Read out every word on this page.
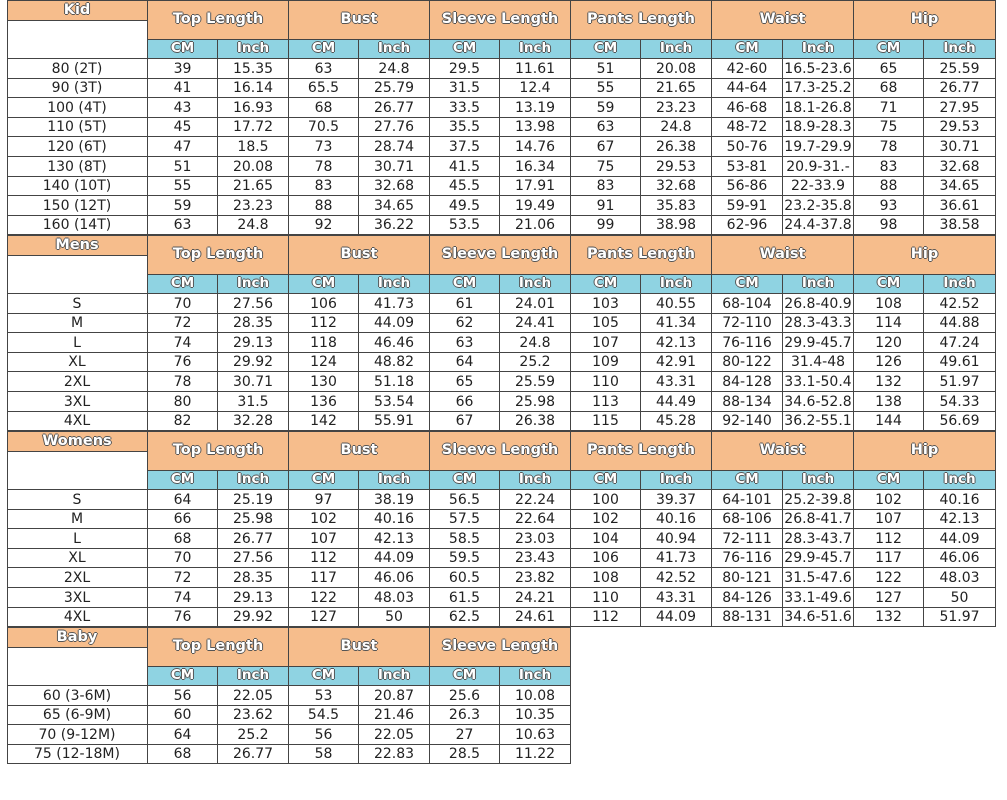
Kid
Top Length	Bust	Sleeve Length	Pants Length	Waist	Hip
CM	Inch	CM	Inch	CM	Inch	CM	Inch	CM	Inch	CM	Inch
80 (2T)	39	15.35	63	24.8	29.5	11.61	51	20.08	42-60	16.5-23.6	65	25.59
90 (3T)	41	16.14	65.5	25.79	31.5	12.4	55	21.65	44-64	17.3-25.2	68	26.77
100 (4T)	43	16.93	68	26.77	33.5	13.19	59	23.23	46-68	18.1-26.8	71	27.95
110 (5T)	45	17.72	70.5	27.76	35.5	13.98	63	24.8	48-72	18.9-28.3	75	29.53
120 (6T)	47	18.5	73	28.74	37.5	14.76	67	26.38	50-76	19.7-29.9	78	30.71
130 (8T)	51	20.08	78	30.71	41.5	16.34	75	29.53	53-81	20.9-31.-	83	32.68
140 (10T)	55	21.65	83	32.68	45.5	17.91	83	32.68	56-86	22-33.9	88	34.65
150 (12T)	59	23.23	88	34.65	49.5	19.49	91	35.83	59-91	23.2-35.8	93	36.61
160 (14T)	63	24.8	92	36.22	53.5	21.06	99	38.98	62-96	24.4-37.8	98	38.58
Mens
Top Length	Bust	Sleeve Length	Pants Length	Waist	Hip
CM	Inch	CM	Inch	CM	Inch	CM	Inch	CM	Inch	CM	Inch
S	70	27.56	106	41.73	61	24.01	103	40.55	68-104 26.8-40.9	108	42.52
M	72	28.35	112	44.09	62	24.41	105	41.34	72-110 28.3-43.3	114	44.88
L	74	29.13	118	46.46	63	24.8	107	42.13	76-116 29.9-45.7	120	47.24
XL	76	29.92	124	48.82	64	25.2	109	42.91	80-122	31.4-48	126	49.61
2XL	78	30.71	130	51.18	65	25.59	110	43.31	84-128 33.1-50.4	132	51.97
3XL	80	31.5	136	53.54	66	25.98	113	44.49	88-134 34.6-52.8	138	54.33
4XL	82	32.28	142	55.91	67	26.38	115	45.28	92-140 36.2-55.1	144	56.69
Womens
Top Length	Bust	Sleeve Length	Pants Length	Waist	Hip
CM	Inch	CM	Inch	CM	Inch	CM	Inch	CM	Inch	CM	Inch
S	64	25.19	97	38.19	56.5	22.24	100	39.37	64-101 25.2-39.8	102	40.16
M	66	25.98	102	40.16	57.5	22.64	102	40.16	68-106 26.8-41.7	107	42.13
L	68	26.77	107	42.13	58.5	23.03	104	40.94	72-111 28.3-43.7	112	44.09
XL	70	27.56	112	44.09	59.5	23.43	106	41.73	76-116 29.9-45.7	117	46.06
2XL	72	28.35	117	46.06	60.5	23.82	108	42.52	80-121 31.5-47.6	122	48.03
3XL	74	29.13	122	48.03	61.5	24.21	110	43.31	84-126 33.1-49.6	127	50
4XL	76	29.92	127	50	62.5	24.61	112	44.09	88-131 34.6-51.6	132	51.97
Baby
Top Length	Bust	Sleeve Length
CM	Inch	CM	Inch	CM	Inch
60 (3-6M)	56	22.05	53	20.87	25.6	10.08
65 (6-9M)	60	23.62	54.5	21.46	26.3	10.35
70 (9-12M)	64	25.2	56	22.05	27	10.63
75 (12-18M)	68	26.77	58	22.83	28.5	11.22
